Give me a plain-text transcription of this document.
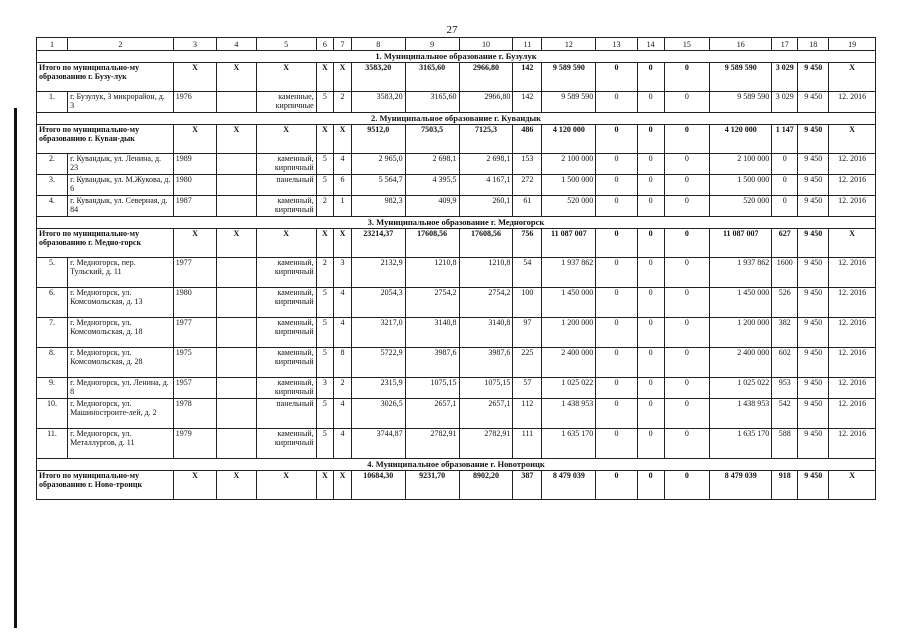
27
1	2	3	4	5	6	7	8	9	10	11	12	13	14	15	16	17	18	19
1. Муниципальное образование г. Бузулук																		
Итого по муниципально-му образованию г. Бузу-лук		X	X	X	X	X	3583,20	3165,60	2966,80	142	9 589 590	0	0	0	9 589 590	3 029	9 450	X
1.	г. Бузулук, 3 микрорайон, д. 3	1976		каменные, кирпичные	5	2	3583,20	3165,60	2966,80	142	9 589 590	0	0	0	9 589 590	3 029	9 450	12. 2016
2. Муниципальное образование г. Кувандык																		
Итого по муниципально-му образованию г. Куван-дык		X	X	X	X	X	9512,0	7503,5	7125,3	486	4 120 000	0	0	0	4 120 000	1 147	9 450	X
2.	г. Кувандык, ул. Ленина, д. 23	1989		каменный, кирпичный	5	4	2 965,0	2 698,1	2 698,1	153	2 100 000	0	0	0	2 100 000	0	9 450	12. 2016
3.	г. Кувандык, ул. М.Жукова, д. 6	1980		панельный	5	6	5 564,7	4 395,5	4 167,1	272	1 500 000	0	0	0	1 500 000	0	9 450	12. 2016
4.	г. Кувандык, ул. Северная, д. 84	1987		каменный, кирпичный	2	1	982,3	409,9	260,1	61	520 000	0	0	0	520 000	0	9 450	12. 2016
3. Муниципальное образование г. Медногорск																		
Итого по муниципально-му образованию г. Медно-горск		X	X	X	X	X	23214,37	17608,56	17608,56	756	11 087 007	0	0	0	11 087 007	627	9 450	X
5.	г. Медногорск, пер. Тульский, д. 11	1977		каменный, кирпичный	2	3	2132,9	1210,8	1210,8	54	1 937 862	0	0	0	1 937 862	1600	9 450	12. 2016
6.	г. Медногорск, ул. Комсомольская, д. 13	1980		каменный, кирпичный	5	4	2054,3	2754,2	2754,2	100	1 450 000	0	0	0	1 450 000	526	9 450	12. 2016
7.	г. Медногорск, ул. Комсомольская, д. 18	1977		каменный, кирпичный	5	4	3217,0	3140,8	3140,8	97	1 200 000	0	0	0	1 200 000	382	9 450	12. 2016
8.	г. Медногорск, ул. Комсомольская, д. 28	1975		каменный, кирпичный	5	8	5722,9	3987,6	3987,6	225	2 400 000	0	0	0	2 400 000	602	9 450	12. 2016
9.	г. Медногорск, ул. Ленина, д. 8	1957		каменный, кирпичный	3	2	2315,9	1075,15	1075,15	57	1 025 022	0	0	0	1 025 022	953	9 450	12. 2016
10.	г. Медногорск, ул. Машиностроите-лей, д. 2	1978		панельный	5	4	3026,5	2657,1	2657,1	112	1 438 953	0	0	0	1 438 953	542	9 450	12. 2016
11.	г. Медногорск, ул. Металлургов, д. 11	1979		каменный, кирпичный	5	4	3744,87	2782,91	2782,91	111	1 635 170	0	0	0	1 635 170	588	9 450	12. 2016
4. Муниципальное образование г. Новотроицк																		
Итого по муниципально-му образованию г. Ново-троицк		X	X	X	X	X	10684,30	9231,70	8902,20	387	8 479 039	0	0	0	8 479 039	918	9 450	X
